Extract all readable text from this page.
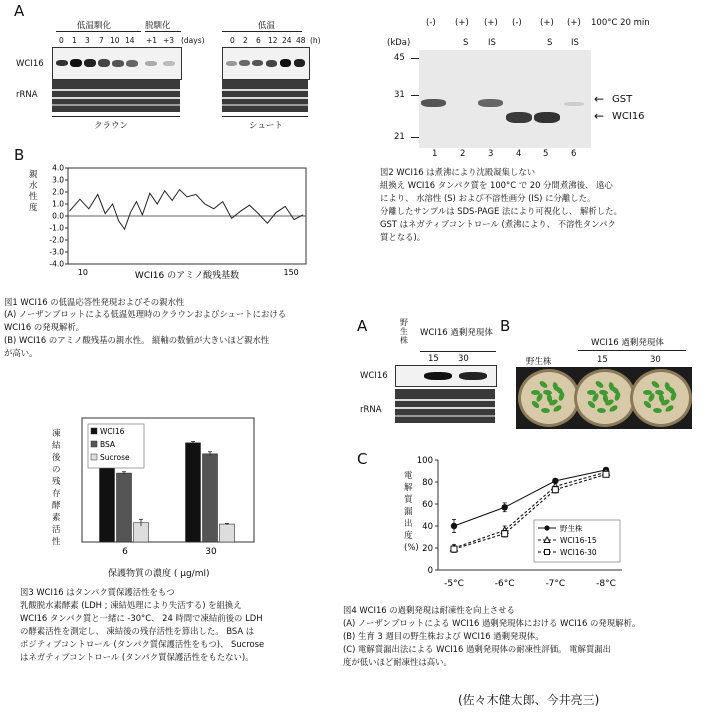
A
低温馴化	脱馴化	低温
0 1 3 7 10 14 +1 +3 (days)	0 2 6 12 24 48 (h)
WCI16
rRNA
クラウン	シュート
B
親水性度
4.0
3.0
2.0
1.0
0.0
-1.0
-2.0
-3.0
-4.0
10	150
WCI16 のアミノ酸残基数
図1 WCI16 の低温応答性発現およびその親水性
(A) ノーザンブロットによる低温処理時のクラウンおよびシュートにおける
WCI16 の発現解析。
(B) WCI16 のアミノ酸残基の親水性。 縦軸の数値が大きいほど親水性
が高い。
(-) (+) (+) (-) (+) (+) 100°C 20 min
S IS	S IS
(kDa)
45
31
21
← GST
← WCI16
1	2	3	4	5	6
図2 WCI16 は煮沸により沈殿凝集しない
組換え WCI16 タンパク質を 100°C で 20 分間煮沸後、 遠心
により、 水溶性 (S) および不溶性画分 (IS) に分離した。
分離したサンプルは SDS-PAGE 法により可視化し、 解析した。
GST はネガティブコントロール (煮沸により、 不溶性タンパク
質となる)。
凍結後の残存酵素活性
6	30
WCI16
BSA
Sucrose
保護物質の濃度 ( μg/ml)
図3 WCI16 はタンパク質保護活性をもつ
乳酸脱水素酵素 (LDH ; 凍結処理により失活する) を組換え
WCI16 タンパク質と一緒に -30°C、 24 時間で凍結前後の LDH
の酵素活性を測定し、 凍結後の残存活性を算出した。 BSA は
ポジティブコントロール (タンパク質保護活性をもつ)、 Sucrose
はネガティブコントロール (タンパク質保護活性をもたない)。
A	野生株
WCI16 過剰発現体
15 30
WCI16
rRNA
B
WCI16 過剰発現体
野生株	15	30
C
電解質漏出度 (%)
0
20
40
60
80
100
-5°C	-6°C	-7°C	-8°C
野生株
WCI16-15
WCI16-30
図4 WCI16 の過剰発現は耐凍性を向上させる
(A) ノーザンブロットによる WCI16 過剰発現体における WCI16 の発現解析。
(B) 生育 3 週目の野生株および WCI16 過剰発現体。
(C) 電解質漏出法による WCI16 過剰発現体の耐凍性評価。 電解質漏出
度が低いほど耐凍性は高い。
(佐々木健太郎、今井亮三)
